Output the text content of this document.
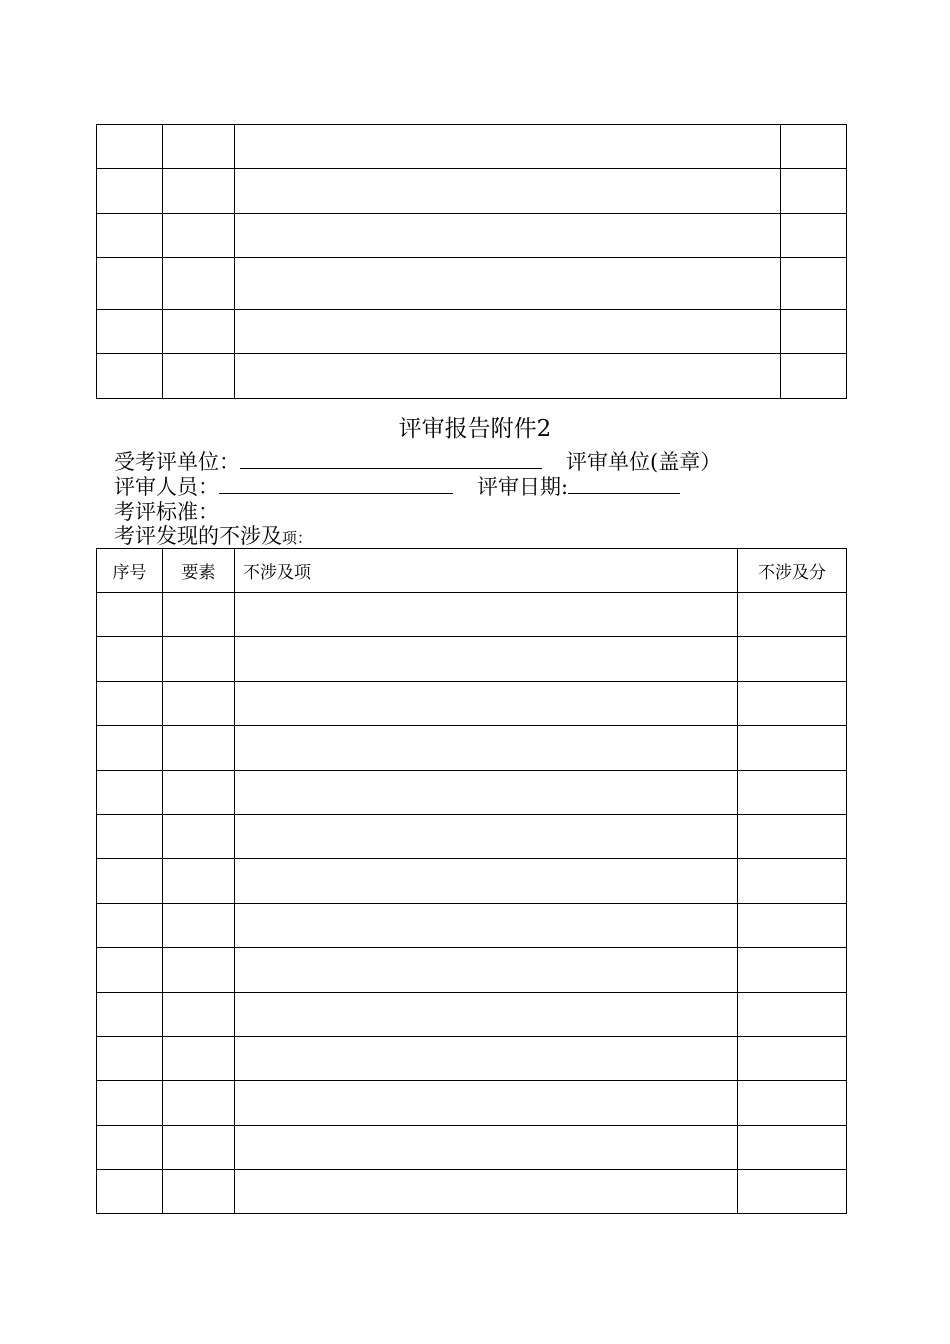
评审报告附件2
受考评单位：	评审单位(盖章）
评审人员：	评审日期:
考评标准：
考评发现的不涉及项：
序号	要素	不涉及项	不涉及分
